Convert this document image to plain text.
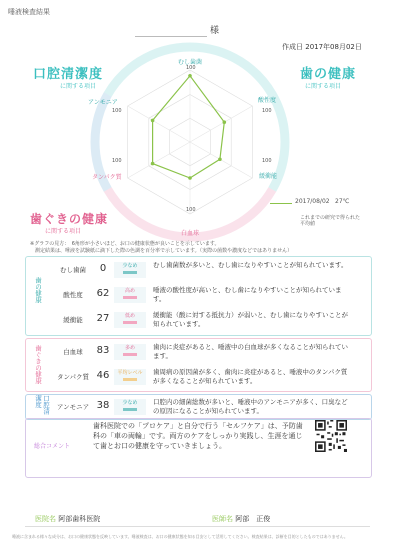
唾液検査結果
様
作成日 2017年08月02日
口腔清潔度
に関する項目
歯の健康
に関する項目
むし歯菌
100
酸性度
100
緩衝能
100
白血球
100
タンパク質
100
アンモニア
100
2017/08/02 27℃
これまでの研究で得られた
平均値
歯ぐきの健康
に関する項目
※グラフの見方：　6角形が小さいほど、お口の健康状態が良いことを示しています。
　測定結果は、唾液を試験紙に滴下した際の色調を百分率で示しています。（実際の菌数や濃度などではありません）
歯の健康
むし歯菌	0	少なめ	むし歯菌数が多いと、むし歯になりやすいことが知られています。
酸性度	62	高め	唾液の酸性度が高いと、むし歯になりやすいことが知られています。
緩衝能	27	低め	緩衝能（酸に対する抵抗力）が弱いと、むし歯になりやすいことが知られています。
歯ぐきの健康	白血球	83	多め	歯肉に炎症があると、唾液中の白血球が多くなることが知られています。
タンパク質 46	平均レベル	歯周病の原因菌が多く、歯肉に炎症があると、唾液中のタンパク質が多くなることが知られています。
口腔清潔度	アンモニア 38	少なめ	口腔内の細菌総数が多いと、唾液中のアンモニアが多く、口臭などの原因になることが知られています。
総合コメント
歯科医院での「プロケア」と自分で行う「セルフケア」は、予防歯科の「車の両輪」です。両方のケアをしっかり実践し、生涯を通じて歯とお口の健康を守っていきましょう。
医院名 阿部歯科医院	医師名 阿部　正俊
唾液に含まれる様々な成分は、お口の健康状態を反映しています。唾液検査は、お口の健康状態を知る目安として活用してください。検査結果は、診断を目的としたものではありません。
